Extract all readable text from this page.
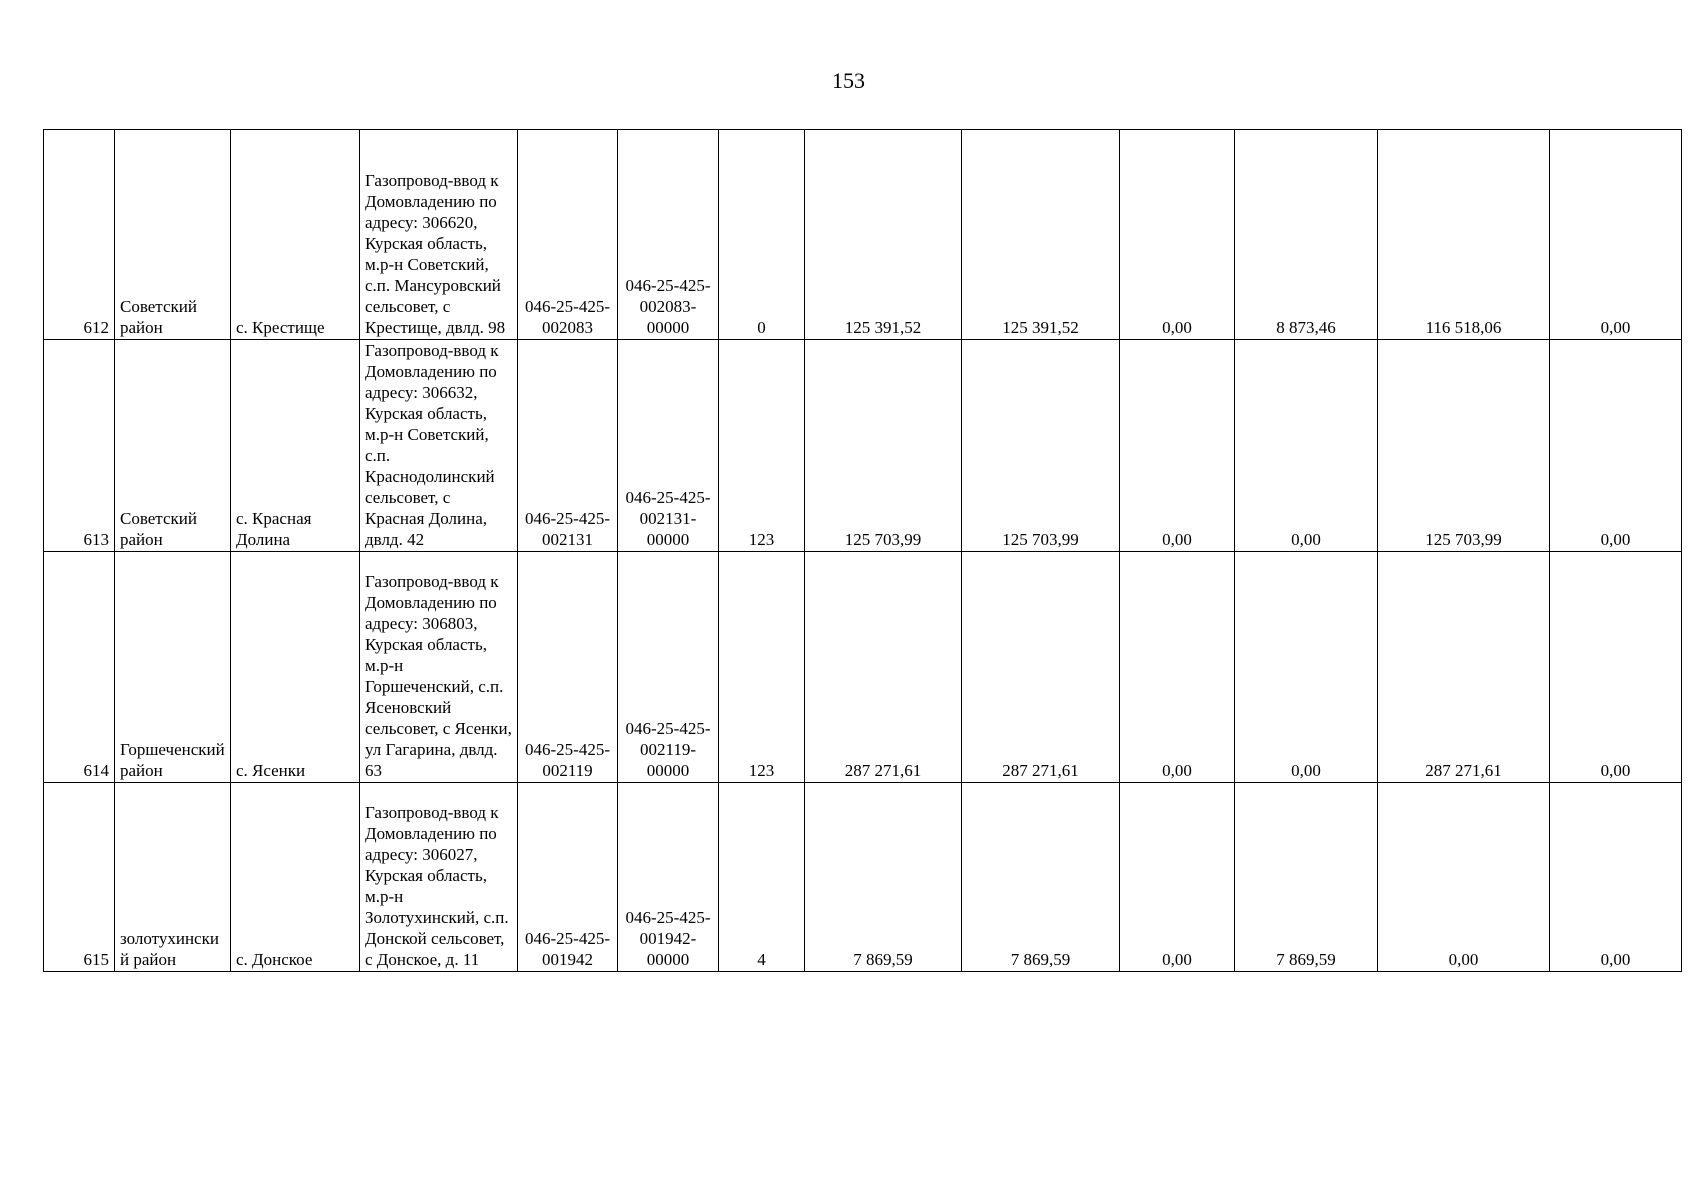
153
612	Советский район	с. Крестище	Газопровод-ввод к Домовладению по адресу: 306620, Курская область, м.р-н Советский, с.п. Мансуровский сельсовет, с Крестище, двлд. 98	046-25-425-002083	046-25-425-002083-00000	0	125 391,52	125 391,52	0,00	8 873,46	116 518,06	0,00
613	Советский район	с. Красная Долина	Газопровод-ввод к Домовладению по адресу: 306632, Курская область, м.р-н Советский, с.п. Краснодолинский сельсовет, с Красная Долина, двлд. 42	046-25-425-002131	046-25-425-002131-00000	123	125 703,99	125 703,99	0,00	0,00	125 703,99	0,00
614	Горшеченский район	с. Ясенки	Газопровод-ввод к Домовладению по адресу: 306803, Курская область, м.р-н Горшеченский, с.п. Ясеновский сельсовет, с Ясенки, ул Гагарина, двлд. 63	046-25-425-002119	046-25-425-002119-00000	123	287 271,61	287 271,61	0,00	0,00	287 271,61	0,00
615	золотухинский район	с. Донское	Газопровод-ввод к Домовладению по адресу: 306027, Курская область, м.р-н Золотухинский, с.п. Донской сельсовет, с Донское, д. 11	046-25-425-001942	046-25-425-001942-00000	4	7 869,59	7 869,59	0,00	7 869,59	0,00	0,00
